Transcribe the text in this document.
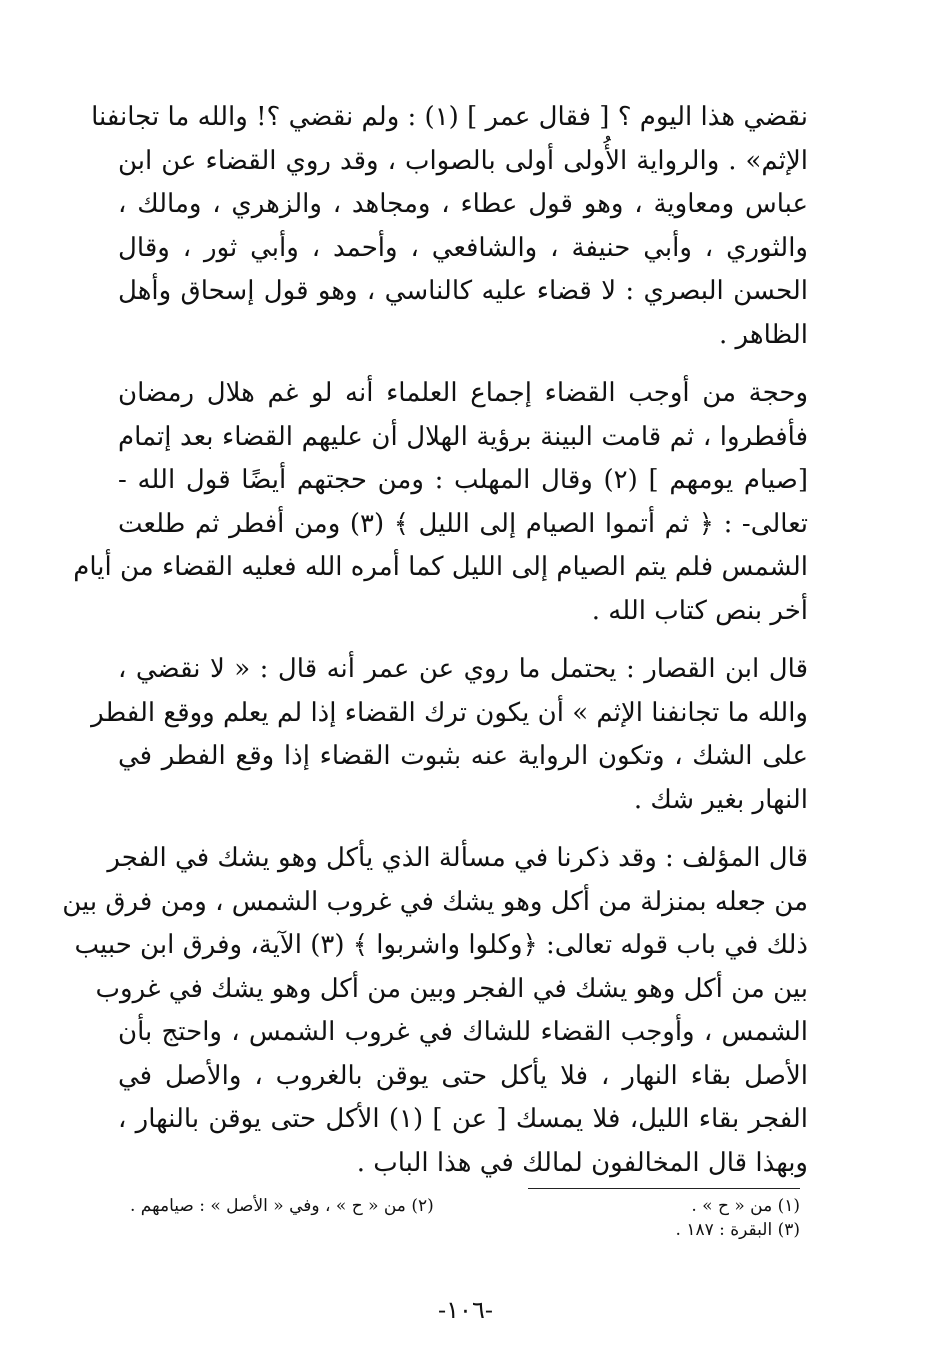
نقضي هذا اليوم ؟ [ فقال عمر ] (١) : ولم نقضي ؟! والله ما تجانفنا
الإثم» . والرواية الأُولى أولى بالصواب ، وقد روي القضاء عن ابن
عباس ومعاوية ، وهو قول عطاء ، ومجاهد ، والزهري ، ومالك ،
والثوري ، وأبي حنيفة ، والشافعي ، وأحمد ، وأبي ثور ، وقال
الحسن البصري : لا قضاء عليه كالناسي ، وهو قول إسحاق وأهل
الظاهر .
وحجة من أوجب القضاء إجماع العلماء أنه لو غم هلال رمضان
فأفطروا ، ثم قامت البينة برؤية الهلال أن عليهم القضاء بعد إتمام
[صيام يومهم ] (٢) وقال المهلب : ومن حجتهم أيضًا قول الله -
تعالى- : ﴿ ثم أتموا الصيام إلى الليل ﴾ (٣) ومن أفطر ثم طلعت
الشمس فلم يتم الصيام إلى الليل كما أمره الله فعليه القضاء من أيام
أخر بنص كتاب الله .
قال ابن القصار : يحتمل ما روي عن عمر أنه قال : « لا نقضي ،
والله ما تجانفنا الإثم » أن يكون ترك القضاء إذا لم يعلم ووقع الفطر
على الشك ، وتكون الرواية عنه بثبوت القضاء إذا وقع الفطر في
النهار بغير شك .
قال المؤلف : وقد ذكرنا في مسألة الذي يأكل وهو يشك في الفجر
من جعله بمنزلة من أكل وهو يشك في غروب الشمس ، ومن فرق بين
ذلك في باب قوله تعالى: ﴿وكلوا واشربوا ﴾ (٣) الآية، وفرق ابن حبيب
بين من أكل وهو يشك في الفجر وبين من أكل وهو يشك في غروب
الشمس ، وأوجب القضاء للشاك في غروب الشمس ، واحتج بأن
الأصل بقاء النهار ، فلا يأكل حتى يوقن بالغروب ، والأصل في
الفجر بقاء الليل، فلا يمسك [ عن ] (١) الأكل حتى يوقن بالنهار ،
وبهذا قال المخالفون لمالك في هذا الباب .
(١) من « ح » .
(٢) من « ح » ، وفي « الأصل » : صيامهم .
(٣) البقرة : ١٨٧ .
-١٠٦-
